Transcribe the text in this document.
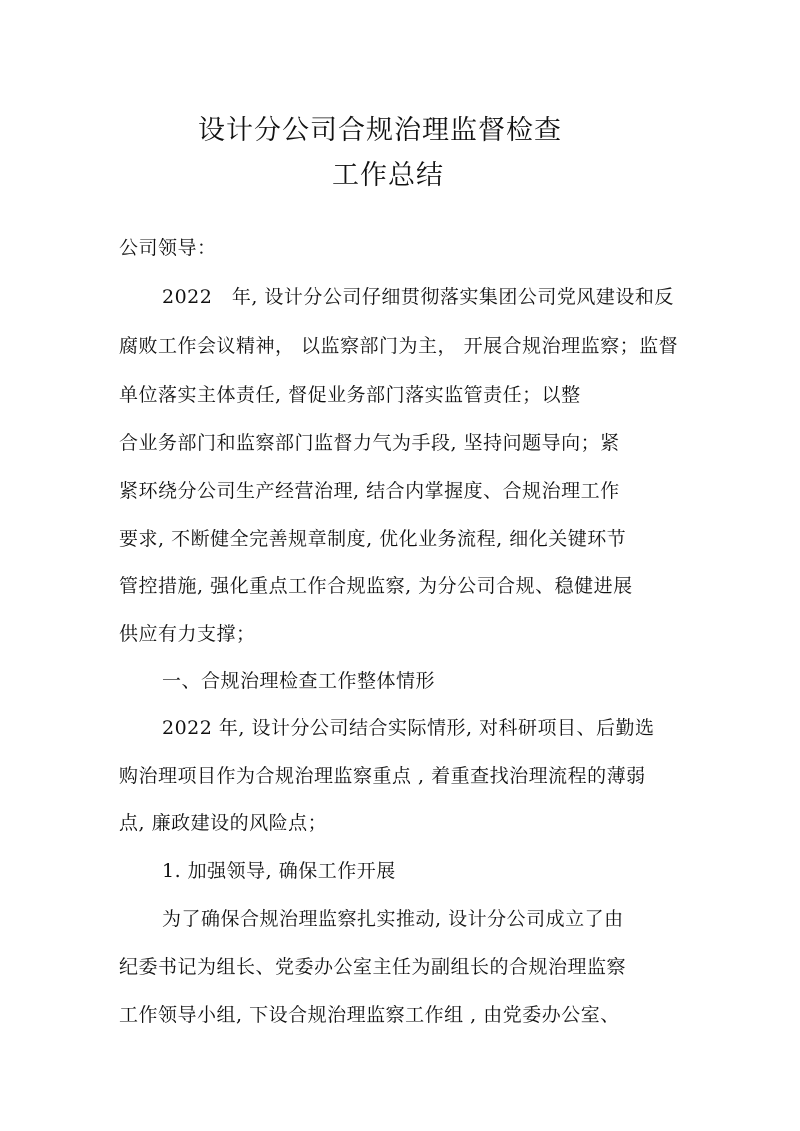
设计分公司合规治理监督检查
工作总结
公司领导：
2022　年, 设计分公司仔细贯彻落实集团公司党风建设和反
腐败工作会议精神， 以监察部门为主， 开展合规治理监察；监督
单位落实主体责任, 督促业务部门落实监管责任；以整
合业务部门和监察部门监督力气为手段, 坚持问题导向；紧
紧环绕分公司生产经营治理, 结合内掌握度、合规治理工作
要求, 不断健全完善规章制度, 优化业务流程, 细化关键环节
管控措施, 强化重点工作合规监察, 为分公司合规、稳健进展
供应有力支撑；
一、合规治理检查工作整体情形
2022 年, 设计分公司结合实际情形, 对科研项目、后勤选
购治理项目作为合规治理监察重点 , 着重查找治理流程的薄弱
点, 廉政建设的风险点；
1. 加强领导, 确保工作开展
为了确保合规治理监察扎实推动, 设计分公司成立了由
纪委书记为组长、党委办公室主任为副组长的合规治理监察
工作领导小组, 下设合规治理监察工作组 , 由党委办公室、
